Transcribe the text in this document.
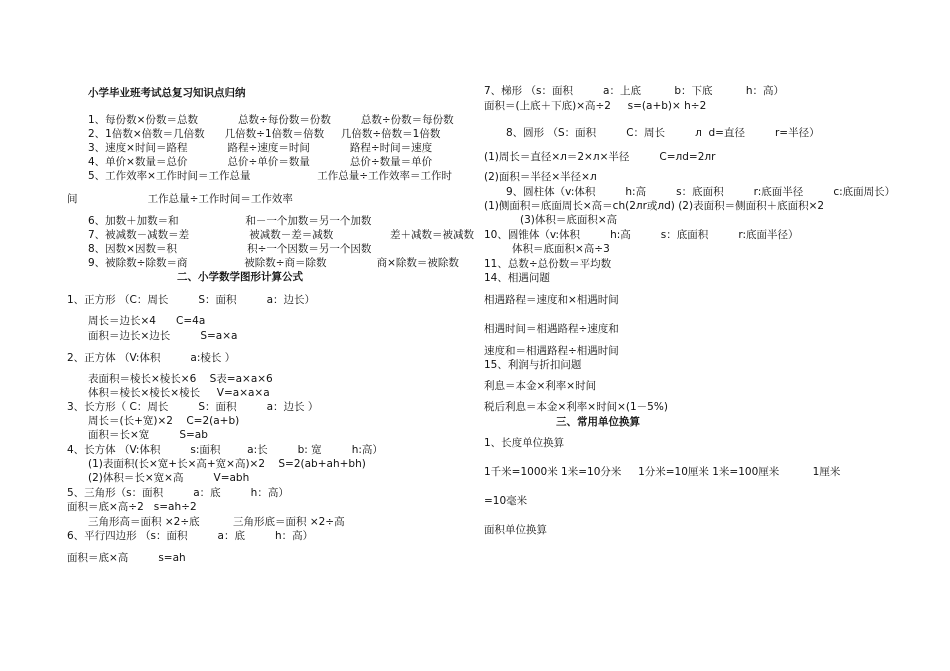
小学毕业班考试总复习知识点归纳
1、每份数×份数＝总数            总数÷每份数＝份数         总数÷份数＝每份数
2、1倍数×倍数＝几倍数      几倍数÷1倍数＝倍数     几倍数÷倍数＝1倍数
3、速度×时间＝路程            路程÷速度＝时间            路程÷时间＝速度
4、单价×数量＝总价            总价÷单价＝数量            总价÷数量＝单价
5、工作效率×工作时间＝工作总量                    工作总量÷工作效率＝工作时
间                     工作总量÷工作时间＝工作效率
6、加数＋加数＝和                    和－一个加数＝另一个加数
7、被减数－减数＝差                  被减数－差＝减数                 差＋减数＝被减数
8、因数×因数＝积                     积÷一个因数＝另一个因数
9、被除数÷除数＝商                 被除数÷商＝除数               商×除数＝被除数
二、小学数学图形计算公式
1、正方形 （C：周长         S：面积         a：边长）
周长＝边长×4      C=4a
面积＝边长×边长         S=a×a
2、正方体 （V:体积         a:棱长 ）
表面积＝棱长×棱长×6    S表=a×a×6
体积＝棱长×棱长×棱长     V=a×a×a
3、长方形（ C：周长         S：面积         a：边长 ）
周长＝(长+宽)×2    C=2(a+b)
面积＝长×宽         S=ab
4、长方体 （V:体积         s:面积        a:长         b: 宽         h:高）
(1)表面积(长×宽+长×高+宽×高)×2    S=2(ab+ah+bh)
(2)体积＝长×宽×高         V=abh
5、三角形（s：面积         a：底         h：高）
面积＝底×高÷2   s=ah÷2
三角形高＝面积 ×2÷底          三角形底＝面积 ×2÷高
6、平行四边形 （s：面积         a：底         h：高）
面积＝底×高         s=ah
7、梯形 （s：面积         a：上底          b：下底          h：高）
面积＝(上底＋下底)×高÷2     s=(a+b)× h÷2
8、圆形 （S：面积         C：周长         л  d=直径         r=半径）
(1)周长＝直径×л＝2×л×半径         C=лd=2лr
(2)面积＝半径×半径×л
9、圆柱体（v:体积         h:高         s：底面积         r:底面半径         c:底面周长）
(1)侧面积＝底面周长×高＝ch(2лr或лd) (2)表面积＝侧面积＋底面积×2
(3)体积＝底面积×高
10、圆锥体（v:体积         h:高         s：底面积         r:底面半径）
体积＝底面积×高÷3
11、总数÷总份数＝平均数
14、相遇问题
相遇路程＝速度和×相遇时间
相遇时间＝相遇路程÷速度和
速度和＝相遇路程÷相遇时间
15、利润与折扣问题
利息＝本金×利率×时间
税后利息＝本金×利率×时间×(1－5%)
三、常用单位换算
1、长度单位换算
1千米=1000米 1米=10分米     1分米=10厘米 1米=100厘米          1厘米
=10毫米
面积单位换算
